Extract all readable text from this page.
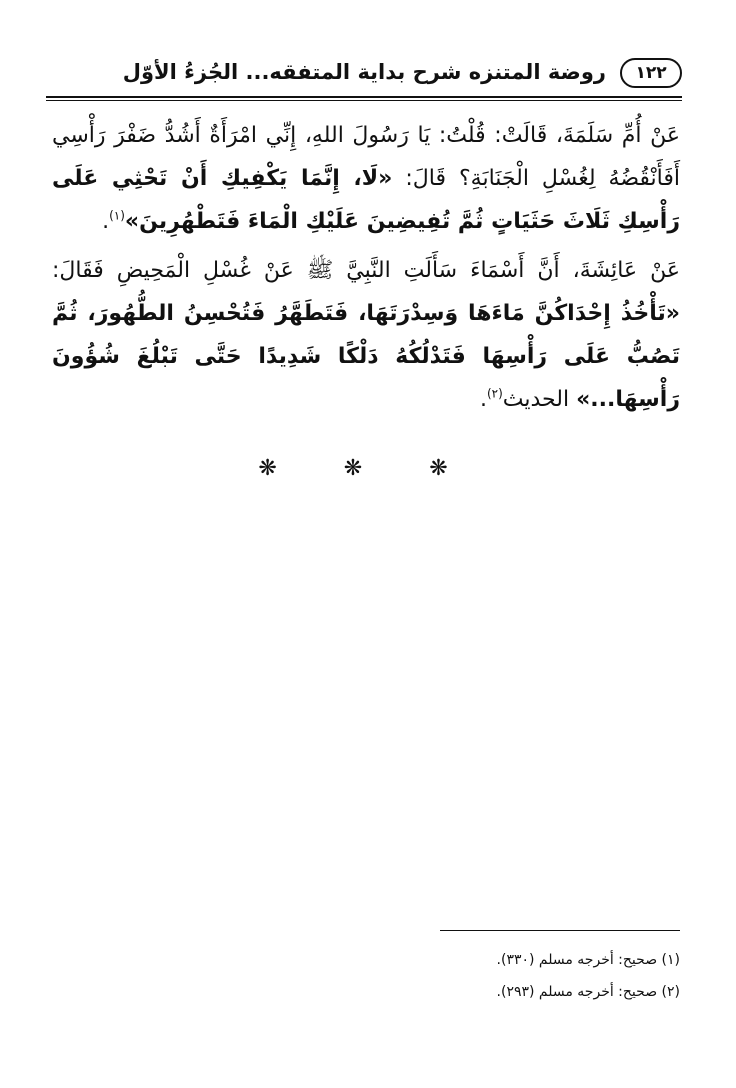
١٢٢
روضة المتنزه شرح بداية المتفقه... الجُزءُ الأوّل

عَنْ أُمِّ سَلَمَةَ، قَالَتْ: قُلْتُ: يَا رَسُولَ اللهِ، إِنِّي امْرَأَةٌ أَشُدُّ ضَفْرَ رَأْسِي أَفَأَنْقُضُهُ لِغُسْلِ الْجَنَابَةِ؟ قَالَ: «لَا، إِنَّمَا يَكْفِيكِ أَنْ تَحْثِي عَلَى رَأْسِكِ ثَلَاثَ حَثَيَاتٍ ثُمَّ تُفِيضِينَ عَلَيْكِ الْمَاءَ فَتَطْهُرِينَ»$^{(١)}$.

عَنْ عَائِشَةَ، أَنَّ أَسْمَاءَ سَأَلَتِ النَّبِيَّ ﷺ عَنْ غُسْلِ الْمَحِيضِ فَقَالَ: «تَأْخُذُ إِحْدَاكُنَّ مَاءَهَا وَسِدْرَتَهَا، فَتَطَهَّرُ فَتُحْسِنُ الطُّهُورَ، ثُمَّ تَصُبُّ عَلَى رَأْسِهَا فَتَدْلُكُهُ دَلْكًا شَدِيدًا حَتَّى تَبْلُغَ شُؤُونَ رَأْسِهَا...» الحديث$^{(٢)}$.

❋ ❋ ❋
(١) صحيح: أخرجه مسلم (٣٣٠).
(٢) صحيح: أخرجه مسلم (٢٩٣).
